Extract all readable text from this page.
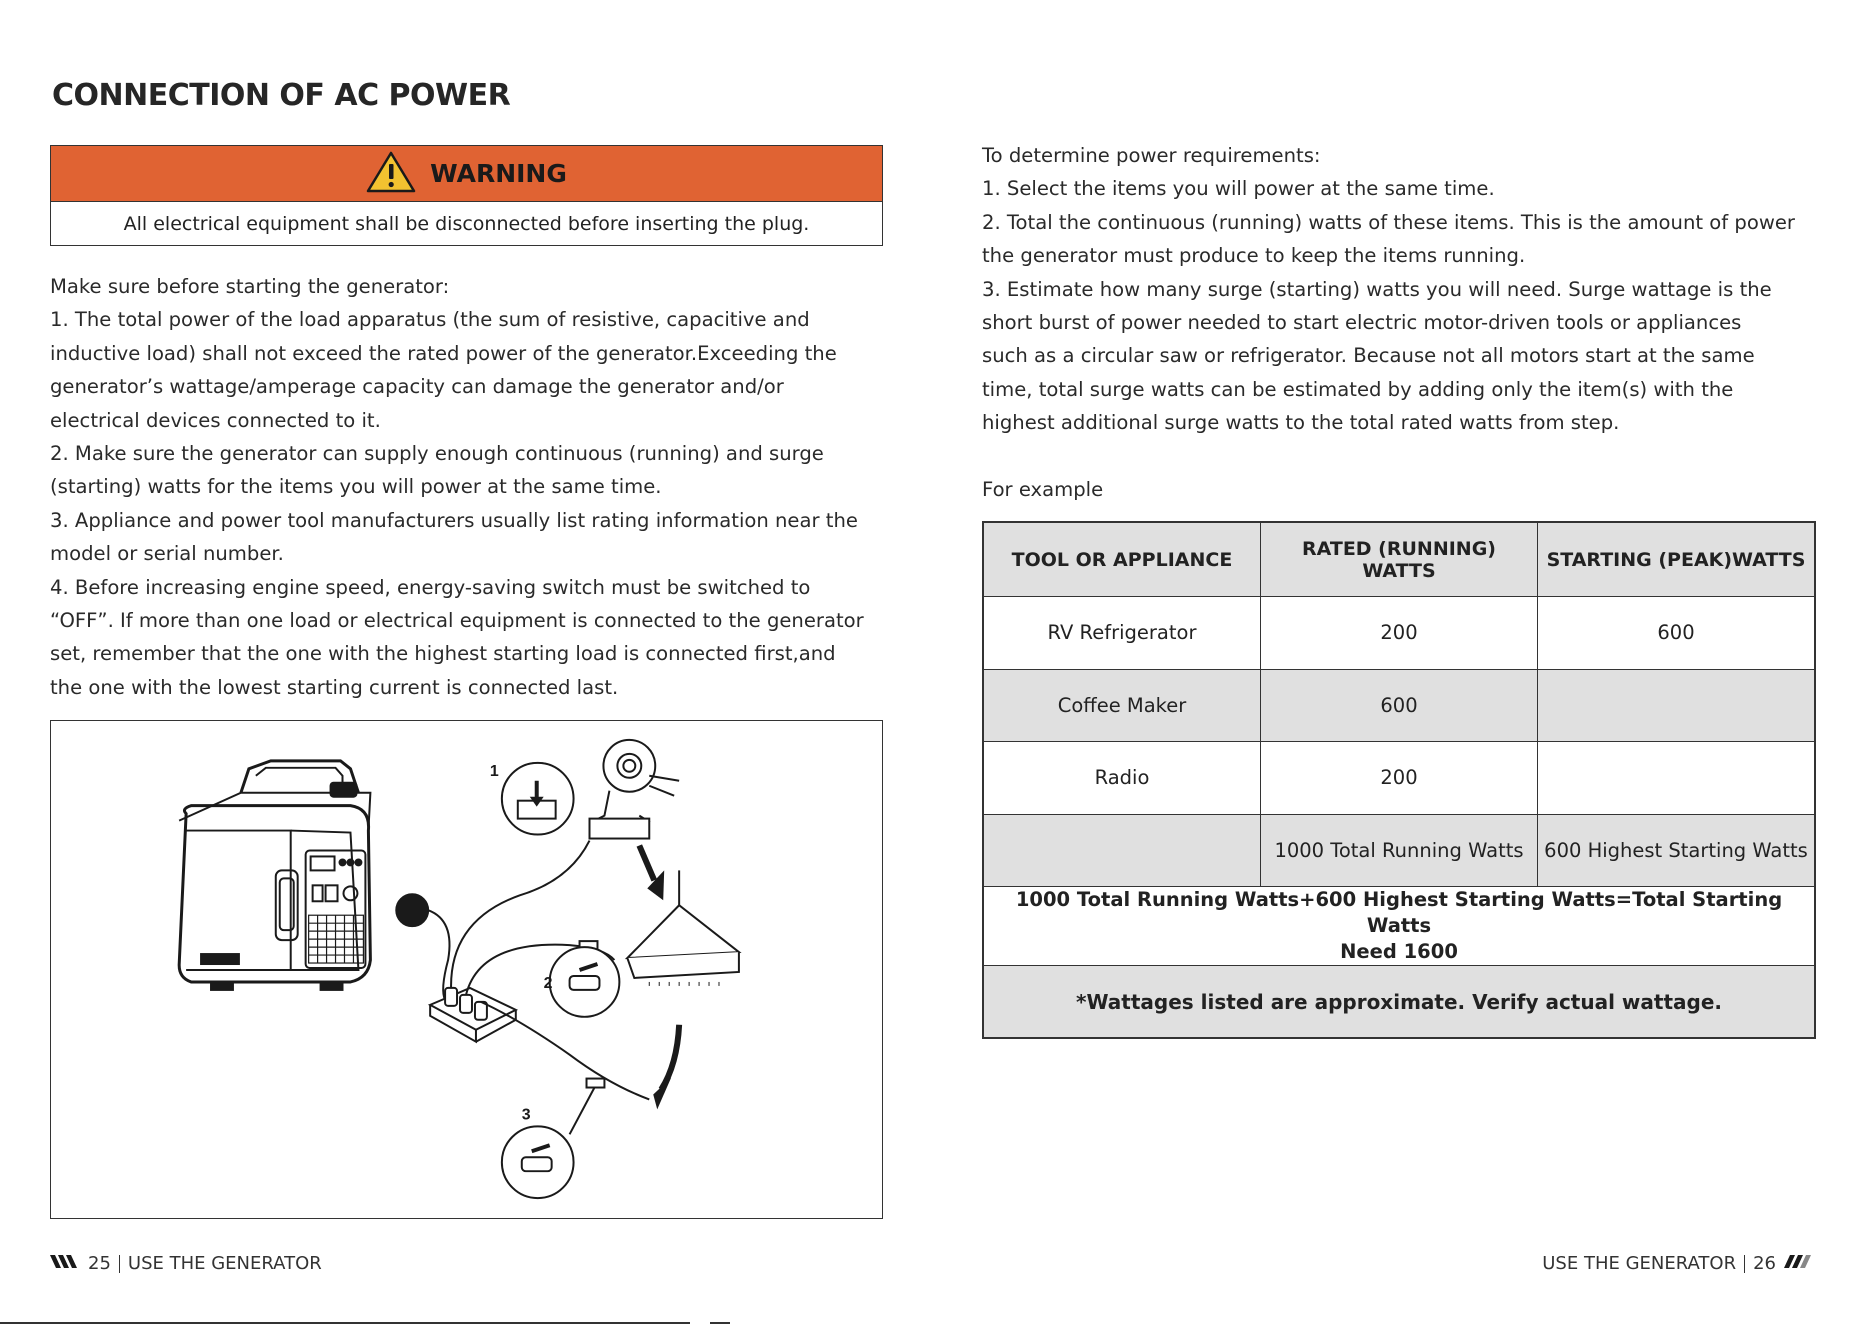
CONNECTION OF AC POWER
WARNING
All electrical equipment shall be disconnected before inserting the plug.
Make sure before starting the generator:
1. The total power of the load apparatus (the sum of resistive, capacitive and
inductive load) shall not exceed the rated power of the generator.Exceeding the
generator’s wattage/amperage capacity can damage the generator and/or
electrical devices connected to it.
2. Make sure the generator can supply enough continuous (running) and surge
(starting) watts for the items you will power at the same time.
3. Appliance and power tool manufacturers usually list rating information near the
model or serial number.
4. Before increasing engine speed, energy-saving switch must be switched to
“OFF”. If more than one load or electrical equipment is connected to the generator
set, remember that the one with the highest starting load is connected first,and
the one with the lowest starting current is connected last.
1
2
3
To determine power requirements:
1. Select the items you will power at the same time.
2. Total the continuous (running) watts of these items. This is the amount of power
the generator must produce to keep the items running.
3. Estimate how many surge (starting) watts you will need. Surge wattage is the
short burst of power needed to start electric motor-driven tools or appliances
such as a circular saw or refrigerator. Because not all motors start at the same
time, total surge watts can be estimated by adding only the item(s) with the
highest additional surge watts to the total rated watts from step.
For example
TOOL OR APPLIANCE	RATED (RUNNING) WATTS	STARTING (PEAK)WATTS
RV Refrigerator	200	600
Coffee Maker	600	
Radio	200	
	1000 Total Running Watts	600 Highest Starting Watts

1000 Total Running Watts+600 Highest Starting Watts=Total Starting Watts
Need 1600		

*Wattages listed are approximate. Verify actual wattage.		
25 USE THE GENERATOR	USE THE GENERATOR 26
